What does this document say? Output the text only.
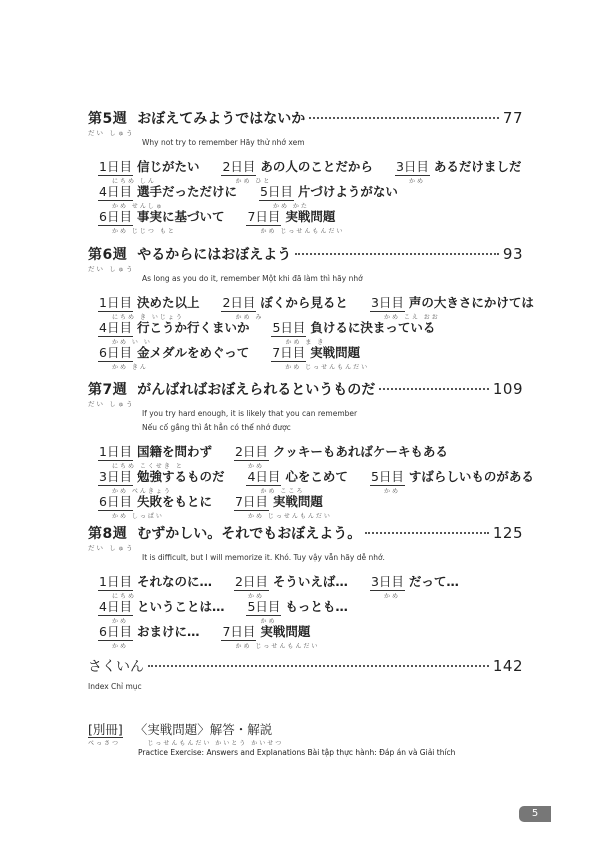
第5週 おぼえてみようではないか	77
だい しゅう
Why not try to remember Hãy thử nhớ xem
1日目 信じがたい
にちめ しん
2日目 あの人のことだから
かめ ひと
3日目 あるだけましだ
かめ
4日目 選手だっただけに
かめ せんしゅ
5日目 片づけようがない
かめ かた
6日目 事実に基づいて
かめ じじつ もと
7日目 実戦問題
かめ じっせんもんだい
第6週 やるからにはおぼえよう	93
だい しゅう
As long as you do it, remember Một khi đã làm thì hãy nhớ
1日目 決めた以上
にちめ き いじょう
2日目 ぼくから見ると
かめ み
3日目 声の大きさにかけては
かめ こえ おお
4日目 行こうか行くまいか
かめ い い
5日目 負けるに決まっている
かめ ま き
6日目 金メダルをめぐって
かめ きん
7日目 実戦問題
かめ じっせんもんだい
第7週 がんばればおぼえられるというものだ	109
だい しゅう
If you try hard enough, it is likely that you can remember
Nếu cố gắng thì ắt hẳn có thể nhớ được
1日目 国籍を問わず
にちめ こくせき と
2日目 クッキーもあればケーキもある
かめ
3日目 勉強するものだ
かめ べんきょう
4日目 心をこめて
かめ こころ
5日目 すばらしいものがある
かめ
6日目 失敗をもとに
かめ しっぱい
7日目 実戦問題
かめ じっせんもんだい
第8週 むずかしい。それでもおぼえよう。	125
だい しゅう
It is difficult, but I will memorize it. Khó. Tuy vậy vẫn hãy dễ nhớ.
1日目 それなのに…
にちめ
2日目 そういえば…
かめ
3日目 だって…
かめ
4日目 ということは…
かめ
5日目 もっとも…
かめ
6日目 おまけに…
かめ
7日目 実戦問題
かめ じっせんもんだい
さくいん	142
Index Chỉ mục
[別冊] 〈実戦問題〉解答・解説
べっさつ	じっせんもんだい かいとう かいせつ
Practice Exercise: Answers and Explanations Bài tập thực hành: Đáp án và Giải thích
5
